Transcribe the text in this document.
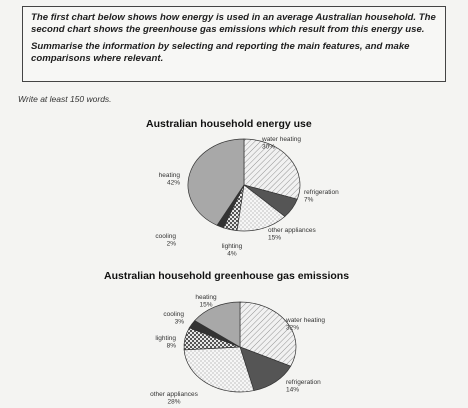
The first chart below shows how energy is used in an average Australian household. The second chart shows the greenhouse gas emissions which result from this energy use.

Summarise the information by selecting and reporting the main features, and make comparisons where relevant.

Write at least 150 words.
Australian household energy use
Australian household greenhouse gas emissions
water heating 30%
refrigeration 7%
other appliances 15%
lighting 4%
cooling 2%
heating 42%
water heating 32%
refrigeration 14%
other appliances 28%
lighting 8%
cooling 3%
heating 15%
